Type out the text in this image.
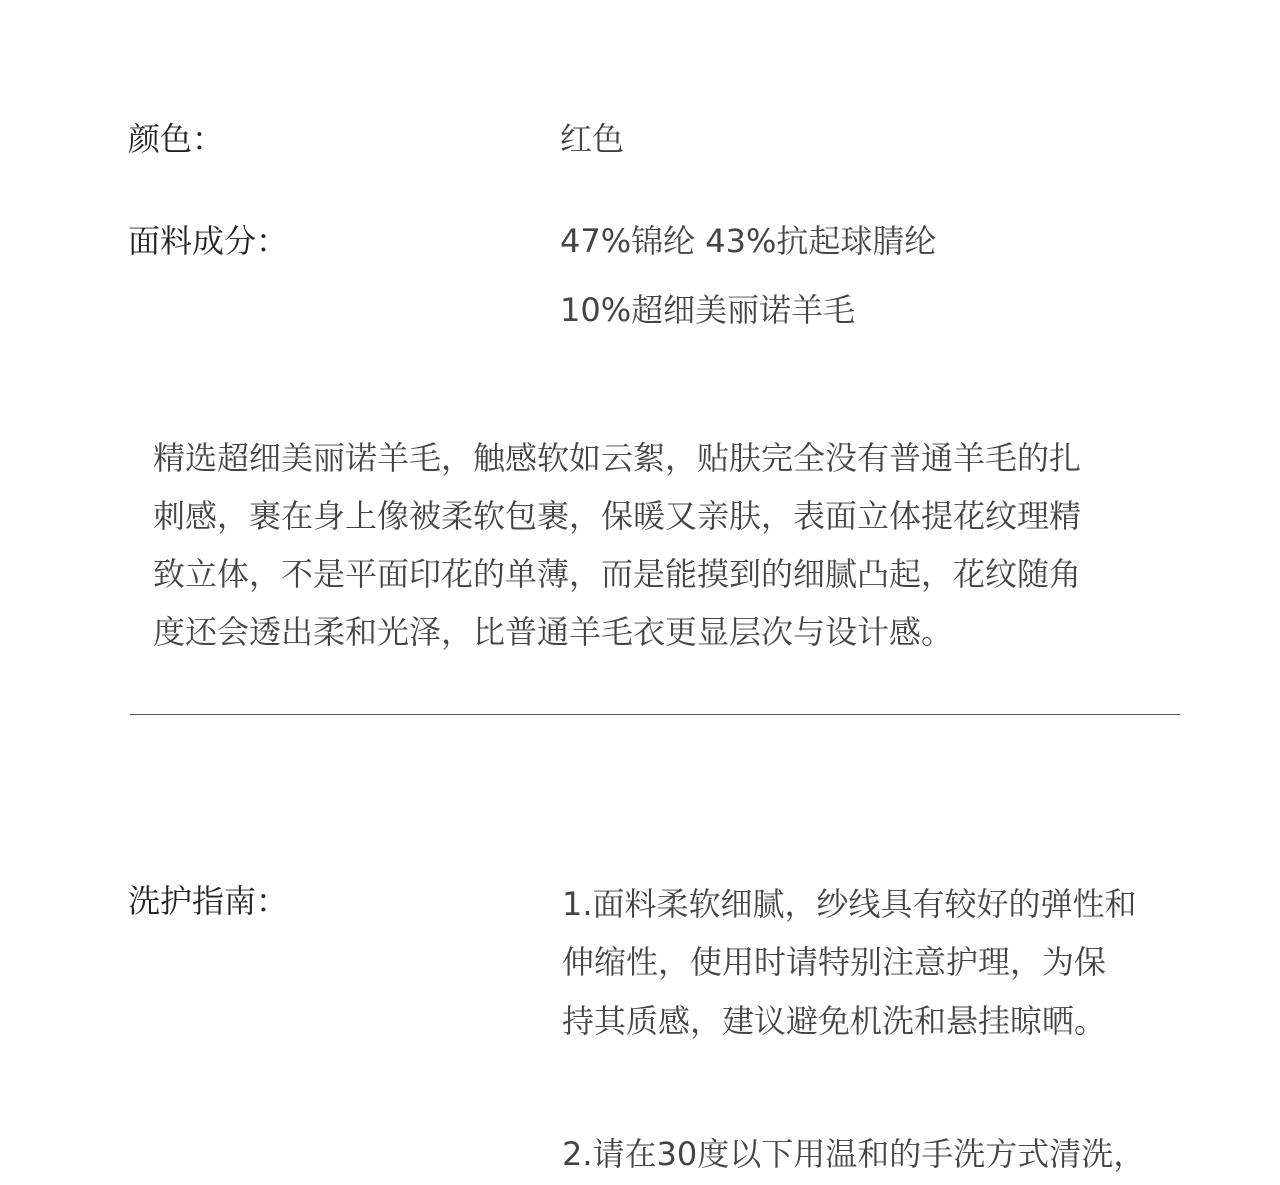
颜色：	红色
面料成分：	47%锦纶 43%抗起球腈纶
10%超细美丽诺羊毛
精选超细美丽诺羊毛，触感软如云絮，贴肤完全没有普通羊毛的扎
刺感，裹在身上像被柔软包裹，保暖又亲肤，表面立体提花纹理精
致立体，不是平面印花的单薄，而是能摸到的细腻凸起，花纹随角
度还会透出柔和光泽，比普通羊毛衣更显层次与设计感。
洗护指南：	1.面料柔软细腻，纱线具有较好的弹性和
伸缩性，使用时请特别注意护理，为保
持其质感，建议避免机洗和悬挂晾晒。
2.请在30度以下用温和的手洗方式清洗，
